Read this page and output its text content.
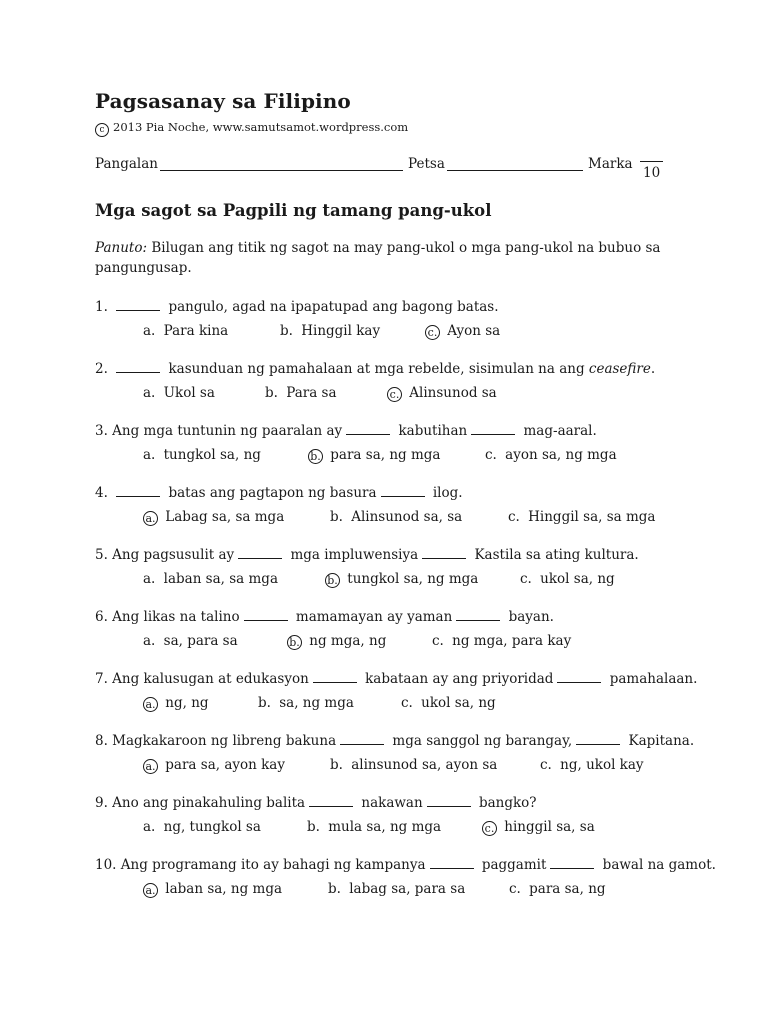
Pagsasanay sa Filipino
c 2013 Pia Noche, www.samutsamot.wordpress.com
Pangalan	Petsa	Marka
10
Mga sagot sa Pagpili ng tamang pang-ukol
Panuto: Bilugan ang titik ng sagot na may pang-ukol o mga pang-ukol na bubuo sa pangungusap.
1.	pangulo, agad na ipapatupad ang bagong batas.
a. Para kina	b. Hinggil kay	c. Ayon sa
2.	kasunduan ng pamahalaan at mga rebelde, sisimulan na ang ceasefire.
a. Ukol sa	b. Para sa	c. Alinsunod sa
3. Ang mga tuntunin ng paaralan ay	kabutihan	mag-aaral.
a. tungkol sa, ng	b. para sa, ng mga	c. ayon sa, ng mga
4.	batas ang pagtapon ng basura	ilog.
a. Labag sa, sa mga	b. Alinsunod sa, sa	c. Hinggil sa, sa mga
5. Ang pagsusulit ay	mga impluwensiya	Kastila sa ating kultura.
a. laban sa, sa mga	b. tungkol sa, ng mga	c. ukol sa, ng
6. Ang likas na talino	mamamayan ay yaman	bayan.
a. sa, para sa	b. ng mga, ng	c. ng mga, para kay
7. Ang kalusugan at edukasyon	kabataan ay ang priyoridad	pamahalaan.
a. ng, ng	b. sa, ng mga	c. ukol sa, ng
8. Magkakaroon ng libreng bakuna	mga sanggol ng barangay,	Kapitana.
a. para sa, ayon kay	b. alinsunod sa, ayon sa	c. ng, ukol kay
9. Ano ang pinakahuling balita	nakawan	bangko?
a. ng, tungkol sa	b. mula sa, ng mga	c. hinggil sa, sa
10. Ang programang ito ay bahagi ng kampanya	paggamit	bawal na gamot.
a. laban sa, ng mga	b. labag sa, para sa	c. para sa, ng
